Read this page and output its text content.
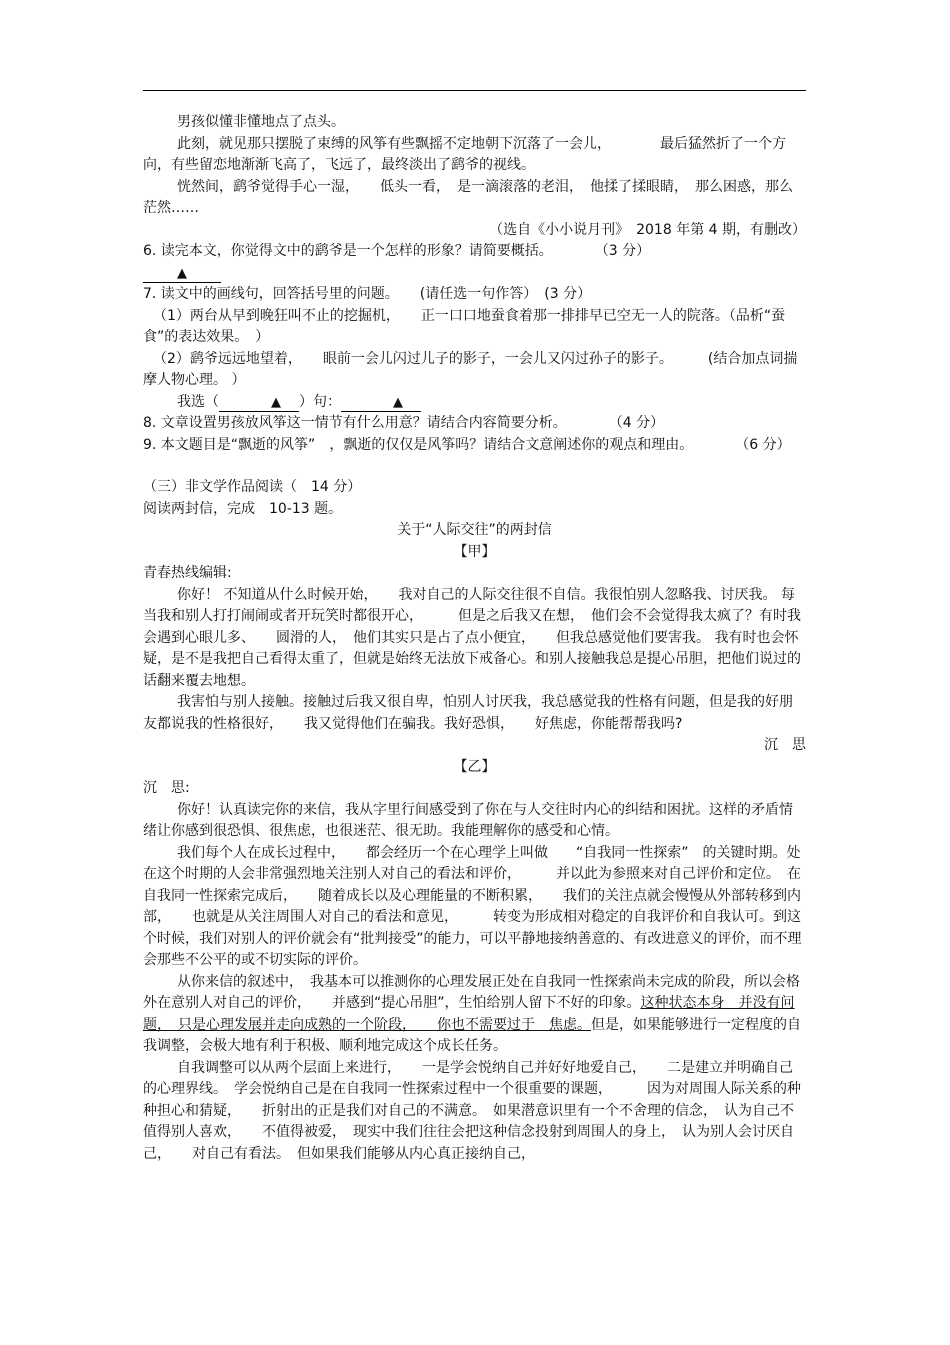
男孩似懂非懂地点了点头。

此刻，就见那只摆脱了束缚的风筝有些飘摇不定地朝下沉落了一会儿，　　　　最后猛然折了一个方向，有些留恋地渐渐飞高了，飞远了，最终淡出了鹞爷的视线。

恍然间，鹞爷觉得手心一湿，　　低头一看，　是一滴滚落的老泪，　他揉了揉眼睛，　那么困惑，那么茫然……

（选自《小小说月刊》　2018 年第 4 期，有删改）

6. 读完本文，你觉得文中的鹞爷是一个怎样的形象？请简要概括。　　　　（3 分）

▲

7. 读文中的画线句，回答括号里的问题。　　(请任选一句作答）　(3 分）

（1）两台从早到晚狂叫不止的挖掘机，　　正一口口地蚕食着那一排排早已空无一人的院落。（品析“蚕食”的表达效果。　）

（2）鹞爷远远地望着，　　眼前一会儿闪过儿子的影子，一会儿又闪过孙子的影子。　　　(结合加点词揣摩人物心理。 ）

我选（	▲ ）句：	▲

8. 文章设置男孩放风筝这一情节有什么用意？请结合内容简要分析。　　　　（4 分）

9. 本文题目是“飘逝的风筝”　，飘逝的仅仅是风筝吗？请结合文意阐述你的观点和理由。　　　　（6 分）

（三）非文学作品阅读（　14 分）

阅读两封信，完成　10-13 题。

关于“人际交往”的两封信

【甲】

青春热线编辑:

你好！ 不知道从什么时候开始，　　我对自己的人际交往很不自信。我很怕别人忽略我、讨厌我。 每当我和别人打打闹闹或者开玩笑时都很开心，　　　但是之后我又在想，　他们会不会觉得我太疯了？有时我会遇到心眼儿多、　　圆滑的人，　他们其实只是占了点小便宜，　　但我总感觉他们要害我。 我有时也会怀疑，是不是我把自己看得太重了，但就是始终无法放下戒备心。和别人接触我总是提心吊胆，把他们说过的话翻来覆去地想。

我害怕与别人接触。接触过后我又很自卑，怕别人讨厌我，我总感觉我的性格有问题，但是我的好朋友都说我的性格很好，　　我又觉得他们在骗我。我好恐惧，　　好焦虑，你能帮帮我吗?

沉　思

【乙】

沉　思:

你好！认真读完你的来信，我从字里行间感受到了你在与人交往时内心的纠结和困扰。这样的矛盾情绪让你感到很恐惧、很焦虑，也很迷茫、很无助。我能理解你的感受和心情。

我们每个人在成长过程中，　　都会经历一个在心理学上叫做　　“自我同一性探索”　的关键时期。处在这个时期的人会非常强烈地关注别人对自己的看法和评价，　　　并以此为参照来对自己评价和定位。　在自我同一性探索完成后，　　随着成长以及心理能量的不断积累，　　我们的关注点就会慢慢从外部转移到内部，　　也就是从关注周围人对自己的看法和意见，　　　转变为形成相对稳定的自我评价和自我认可。到这个时候，我们对别人的评价就会有“批判接受”的能力，可以平静地接纳善意的、有改进意义的评价，而不理会那些不公平的或不切实际的评价。

从你来信的叙述中，　我基本可以推测你的心理发展正处在自我同一性探索尚未完成的阶段，所以会格外在意别人对自己的评价，　　并感到“提心吊胆”，生怕给别人留下不好的印象。这种状态本身　并没有问题，　只是心理发展并走向成熟的一个阶段，　　你也不需要过于　焦虑。但是，如果能够进行一定程度的自我调整，会极大地有利于积极、顺利地完成这个成长任务。

自我调整可以从两个层面上来进行，　　一是学会悦纳自己并好好地爱自己，　　二是建立并明确自己的心理界线。　学会悦纳自己是在自我同一性探索过程中一个很重要的课题，　　　因为对周围人际关系的种种担心和猜疑，　　折射出的正是我们对自己的不满意。　如果潜意识里有一个不舍理的信念，　认为自己不值得别人喜欢，　　不值得被爱，　现实中我们往往会把这种信念投射到周围人的身上，　认为别人会讨厌自己，　　对自己有看法。　但如果我们能够从内心真正接纳自己，
